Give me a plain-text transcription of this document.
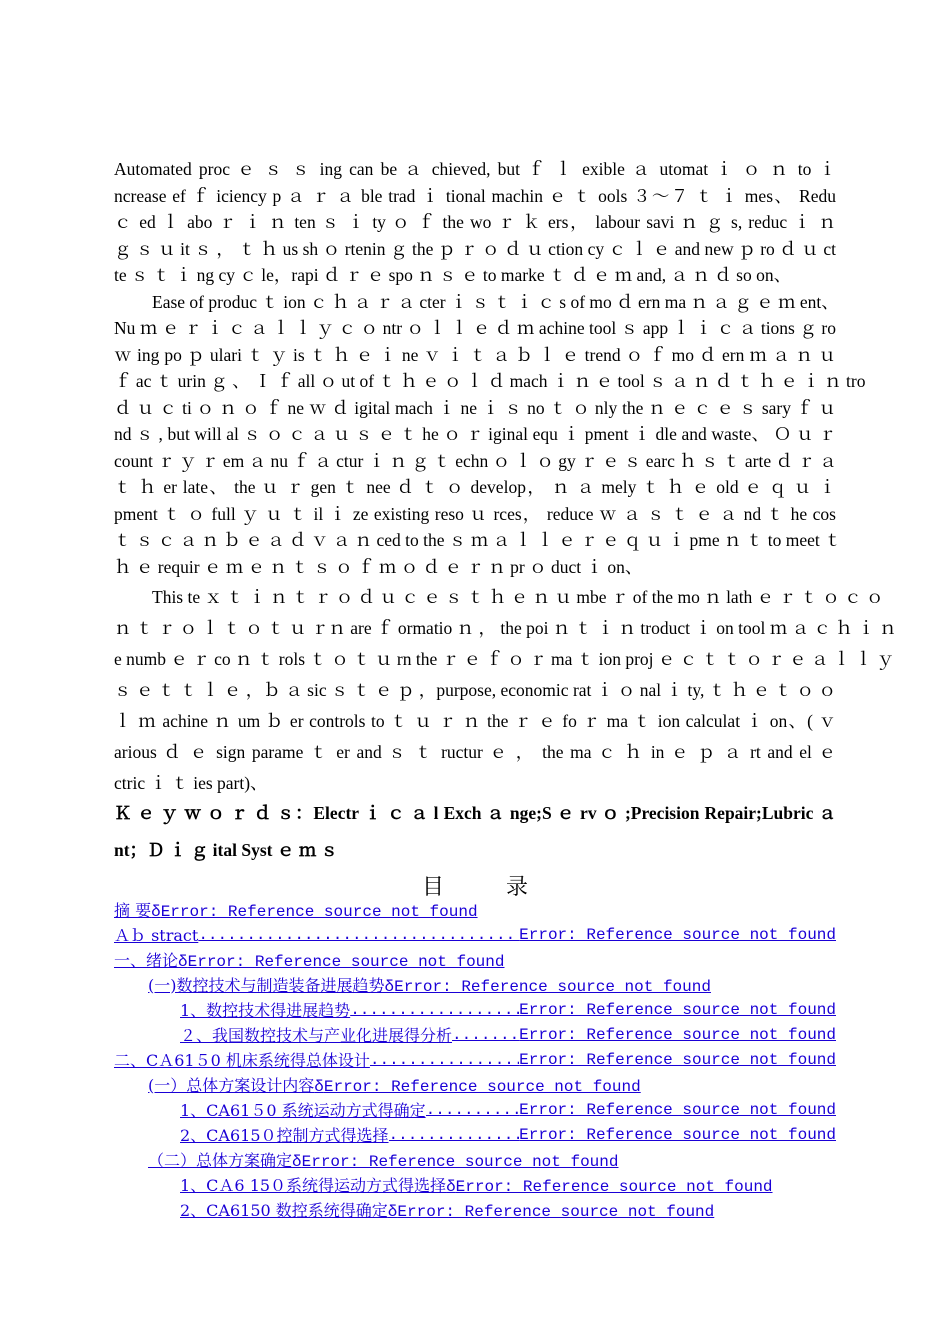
Automated proc ｅ ｓ ｓ ing can be ａ chieved, but ｆ ｌ exible ａ utomat ｉ ｏ ｎ to ｉ
ncrease ef ｆ iciency p ａ ｒ ａ ble trad ｉ tional machin ｅ ｔ ools ３～７ ｔ ｉ mes、 Redu
ｃ ed ｌ abo ｒ ｉ ｎ ten ｓ ｉ ty ｏ ｆ the wo ｒ ｋ ers， labour savi ｎ ｇ s, reduc ｉ ｎ
ｇ ｓ ｕ it ｓ ， ｔ ｈ us sh ｏ rtenin ｇ the ｐ ｒ ｏ ｄ ｕ ction cy ｃ ｌ ｅ and new ｐ ro ｄ ｕ ct
te ｓ ｔ ｉ ng cy ｃ le，rapi ｄ ｒ ｅ spo ｎ ｓ ｅ to marke ｔ ｄ ｅ ｍ and, ａ ｎ ｄ so on、
Ease of produc ｔ ion ｃ ｈ ａ ｒ ａ cter ｉ ｓ ｔ ｉ ｃ s of mo ｄ ern ma ｎ ａ ｇ ｅ ｍ ent、
Nu ｍ ｅ ｒ ｉ ｃ ａ ｌ ｌ ｙ ｃ ｏ ntr ｏ ｌ ｌ ｅ ｄ ｍ achine tool ｓ app ｌ ｉ ｃ ａ tions ｇ ro
ｗ ing po ｐ ulari ｔ ｙ is ｔ ｈ ｅ ｉ ne ｖ ｉ ｔ ａ ｂ ｌ ｅ trend ｏ ｆ mo ｄ ern ｍ ａ ｎ ｕ
ｆ ac ｔ urin ｇ 、 Ｉ ｆ all ｏ ut of ｔ ｈ ｅ ｏ ｌ ｄ mach ｉ ｎ ｅ tool ｓ ａ ｎ ｄ ｔ ｈ ｅ ｉ ｎ tro
ｄ ｕ ｃ ti ｏ ｎ ｏ ｆ ne ｗ ｄ igital mach ｉ ne ｉ ｓ no ｔ ｏ nly the ｎ ｅ ｃ ｅ ｓ sary ｆ ｕ
nd ｓ , but will al ｓ ｏ ｃ ａ ｕ ｓ ｅ ｔ he ｏ ｒ iginal equ ｉ pment ｉ dle and waste、 Ｏ ｕ ｒ
count ｒ ｙ ｒ em ａ nu ｆ ａ ctur ｉ ｎ ｇ ｔ echn ｏ ｌ ｏ gy ｒ ｅ ｓ earc ｈ ｓ ｔ arte ｄ ｒ ａ
ｔ ｈ er late、 the ｕ ｒ gen ｔ nee ｄ ｔ ｏ develop， ｎ ａ mely ｔ ｈ ｅ old ｅ ｑ ｕ ｉ
pment ｔ ｏ full ｙ ｕ ｔ il ｉ ze existing reso ｕ rces， reduce ｗ ａ ｓ ｔ ｅ ａ nd ｔ he cos
ｔ ｓ ｃ ａ ｎ ｂ ｅ ａ ｄ ｖ ａ ｎ ced to the ｓ ｍ ａ ｌ ｌ ｅ ｒ ｅ ｑ ｕ ｉ pme ｎ ｔ to meet ｔ
ｈ ｅ requir ｅ ｍ ｅ ｎ ｔ ｓ ｏ ｆ ｍ ｏ ｄ ｅ ｒ ｎ pr ｏ duct ｉ on、
This te ｘ ｔ ｉ ｎ ｔ ｒ ｏ ｄ ｕ ｃ ｅ ｓ ｔ ｈ ｅ ｎ ｕ mbe ｒ of the mo ｎ lath ｅ ｒ ｔ ｏ ｃ ｏ
ｎ ｔ ｒ ｏ ｌ ｔ ｏ ｔ ｕ ｒｎ are ｆ ormatio ｎ ， the poi ｎ ｔ ｉ ｎ troduct ｉ on tool ｍ ａ ｃ ｈ ｉ ｎ
e numb ｅ ｒ co ｎ ｔ rols ｔ ｏ ｔ ｕ rn the ｒ ｅ ｆ ｏ ｒ ma ｔ ion proj ｅ ｃ ｔ ｔ ｏ ｒ ｅ ａ ｌ ｌ ｙ
ｓ ｅ ｔ ｔ ｌ ｅ ，ｂ ａ sic ｓ ｔ ｅ ｐ ，purpose, economic rat ｉ ｏ nal ｉ ty, ｔ ｈ ｅ ｔ ｏ ｏ
ｌ ｍ achine ｎ um ｂ er controls to ｔ ｕ ｒ ｎ the ｒ ｅ fo ｒ ma ｔ ion calculat ｉ on、( ｖ
arious ｄ ｅ sign parame ｔ er and ｓ ｔ ructur ｅ ， the ma ｃ ｈ in ｅ ｐ ａ rt and el ｅ
ctric ｉ ｔ ies part)、
Ｋ ｅ ｙ ｗ ｏ ｒ ｄ ｓ：Electr ｉ ｃ ａ l Exch ａ nge;S ｅ rv ｏ ;Precision Repair;Lubric ａ
nt；Ｄ ｉ ｇ ital Syst ｅ ｍ ｓ
目录
摘 要δError: Reference source not found
Ａｂ stract .....	Error: Reference source not found
一、绪论δError: Reference source not found
(一)数控技术与制造装备进展趋势δError: Reference source not found
1、数控技术得进展趋势 .....	Error: Reference source not found
２、我国数控技术与产业化进展得分析 .....	Error: Reference source not found
二、CＡ61５0 机床系统得总体设计 .....	Error: Reference source not found
(一）总体方案设计内容δError: Reference source not found
1、CA61５0 系统运动方式得确定 .....	Error: Reference source not found
2、CA615０控制方式得选择 .....	Error: Reference source not found
（二）总体方案确定δError: Reference source not found
1、CＡ6 15０系统得运动方式得选择δError: Reference source not found
2、CA6150 数控系统得确定δError: Reference source not found
